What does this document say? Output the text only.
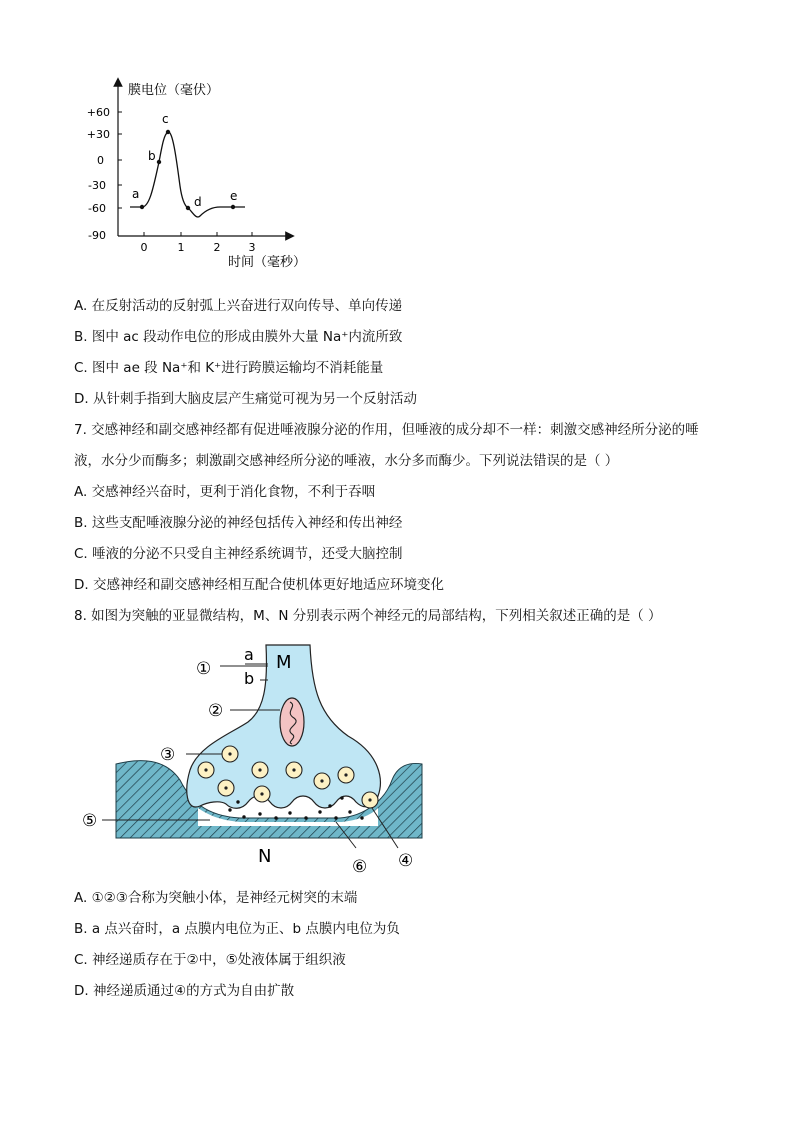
膜电位（毫伏）
时间（毫秒）
+60
+30
0
-30
-60
-90
0	1	2	3
a
b
c
d e
A. 在反射活动的反射弧上兴奋进行双向传导、单向传递
B. 图中 ac 段动作电位的形成由膜外大量 Na⁺内流所致
C. 图中 ae 段 Na⁺和 K⁺进行跨膜运输均不消耗能量
D. 从针刺手指到大脑皮层产生痛觉可视为另一个反射活动
7. 交感神经和副交感神经都有促进唾液腺分泌的作用，但唾液的成分却不一样：刺激交感神经所分泌的唾
液，水分少而酶多；刺激副交感神经所分泌的唾液，水分多而酶少。下列说法错误的是（ ）
A. 交感神经兴奋时，更利于消化食物，不利于吞咽
B. 这些支配唾液腺分泌的神经包括传入神经和传出神经
C. 唾液的分泌不只受自主神经系统调节，还受大脑控制
D. 交感神经和副交感神经相互配合使机体更好地适应环境变化
8. 如图为突触的亚显微结构，M、N 分别表示两个神经元的局部结构，下列相关叙述正确的是（ ）
①
②
③
④
⑤
⑥
a
b
M
N
A. ①②③合称为突触小体，是神经元树突的末端
B. a 点兴奋时，a 点膜内电位为正、b 点膜内电位为负
C. 神经递质存在于②中，⑤处液体属于组织液
D. 神经递质通过④的方式为自由扩散
